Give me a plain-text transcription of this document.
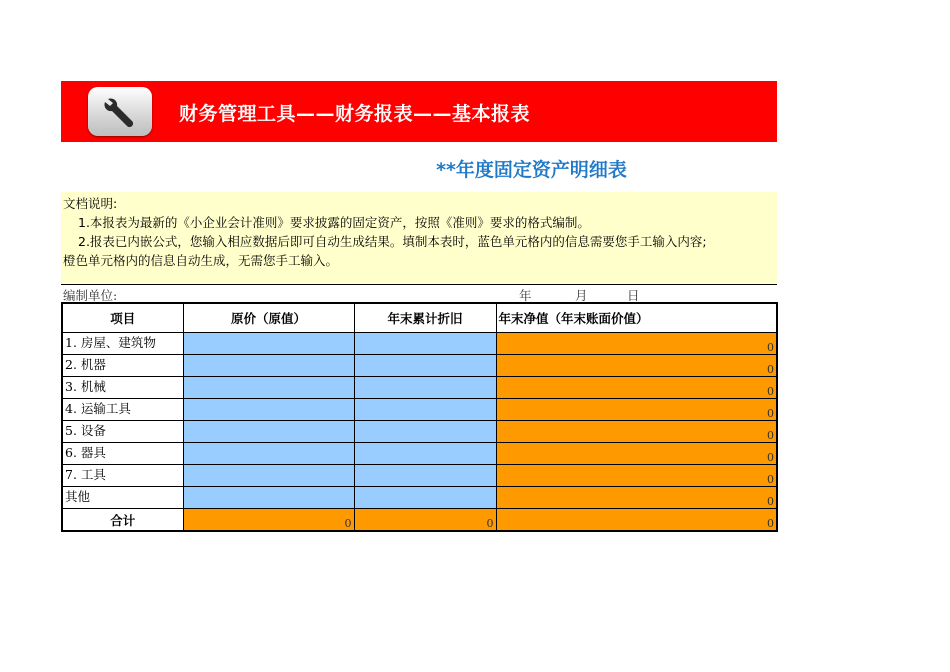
财务管理工具——财务报表——基本报表
**年度固定资产明细表
文档说明:
1.本报表为最新的《小企业会计准则》要求披露的固定资产，按照《准则》要求的格式编制。
2.报表已内嵌公式，您输入相应数据后即可自动生成结果。填制本表时，蓝色单元格内的信息需要您手工输入内容;
橙色单元格内的信息自动生成，无需您手工输入。
编制单位:	年	月	日
项目	原价（原值）	年末累计折旧	年末净值（年末账面价值）
1. 房屋、建筑物			0
2. 机器			0
3. 机械			0
4. 运输工具			0
5. 设备			0
6. 器具			0
7. 工具			0
其他			0
合计	0	0	0
